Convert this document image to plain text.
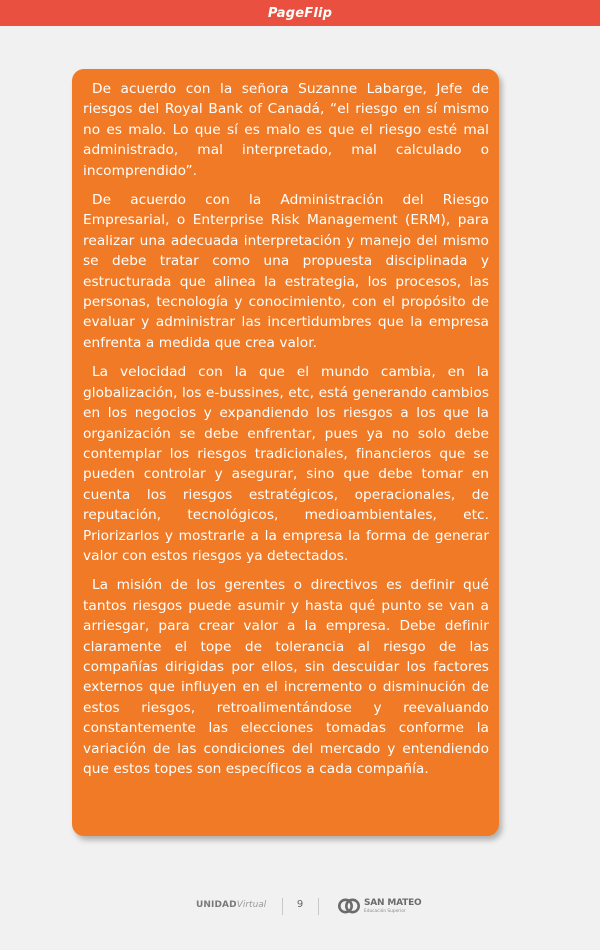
PageFlip

De acuerdo con la señora Suzanne Labarge, Jefe de riesgos del Royal Bank of Canadá, “el riesgo en sí mismo no es malo. Lo que sí es malo es que el riesgo esté mal administrado, mal interpretado, mal calculado o incomprendido”.

De acuerdo con la Administración del Riesgo Empresarial, o Enterprise Risk Management (ERM), para realizar una adecuada interpretación y manejo del mismo se debe tratar como una propuesta disciplinada y estructurada que alinea la estrategia, los procesos, las personas, tecnología y conocimiento, con el propósito de evaluar y administrar las incertidumbres que la empresa enfrenta a medida que crea valor.

La velocidad con la que el mundo cambia, en la globalización, los e-bussines, etc, está generando cambios en los negocios y expandiendo los riesgos a los que la organización se debe enfrentar, pues ya no solo debe contemplar los riesgos tradicionales, financieros que se pueden controlar y asegurar, sino que debe tomar en cuenta los riesgos estratégicos, operacionales, de reputación, tecnológicos, medioambientales, etc. Priorizarlos y mostrarle a la empresa la forma de generar valor con estos riesgos ya detectados.

La misión de los gerentes o directivos es definir qué tantos riesgos puede asumir y hasta qué punto se van a arriesgar, para crear valor a la empresa. Debe definir claramente el tope de tolerancia al riesgo de las compañías dirigidas por ellos, sin descuidar los factores externos que influyen en el incremento o disminución de estos riesgos, retroalimentándose y reevaluando constantemente las elecciones tomadas conforme la variación de las condiciones del mercado y entendiendo que estos topes son específicos a cada compañía.

UNIDADVirtual	9	SAN MATEO
Educación Superior
